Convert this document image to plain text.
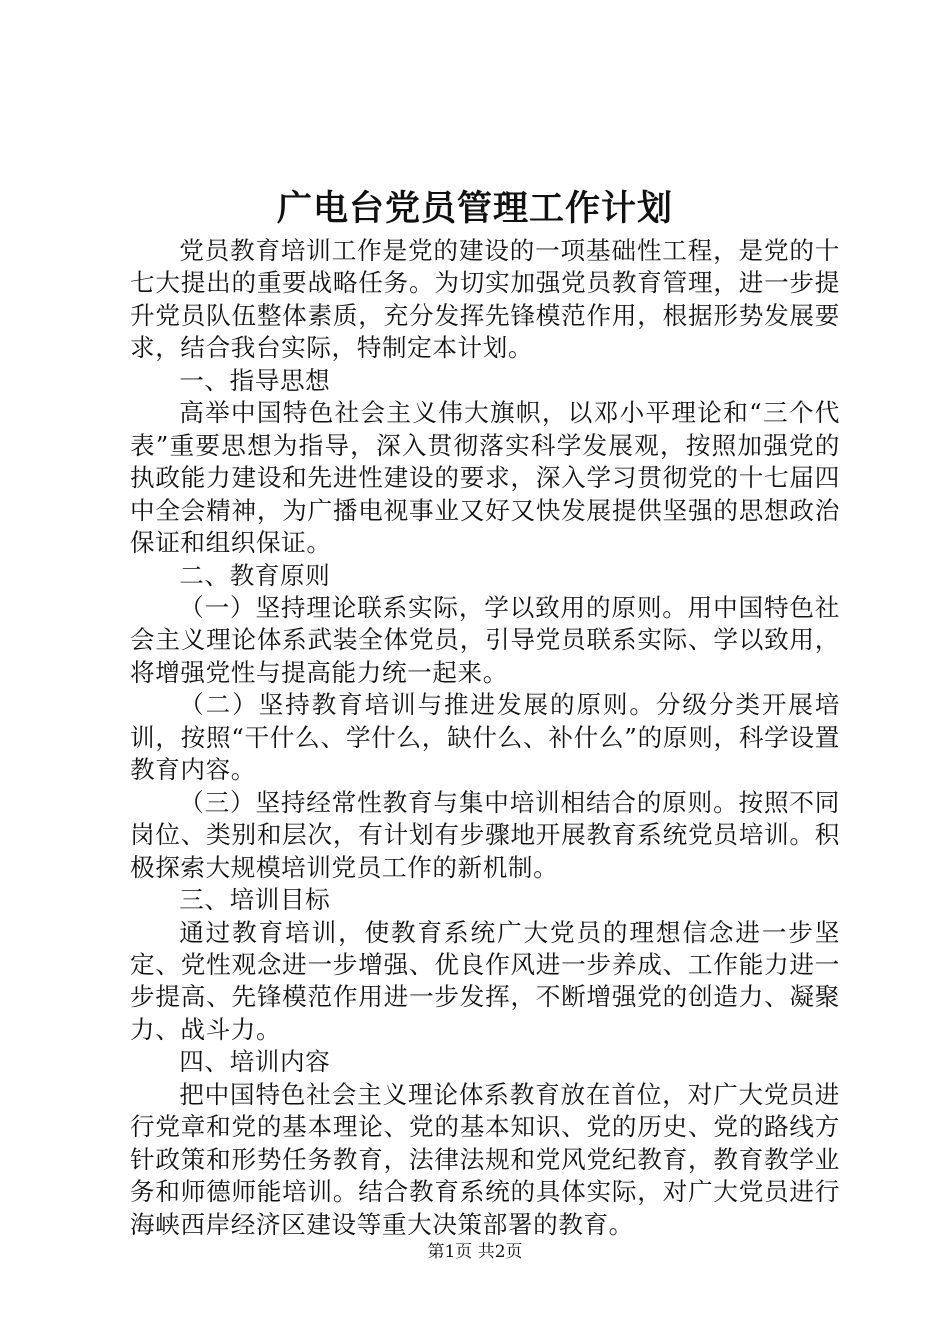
广电台党员管理工作计划

党员教育培训工作是党的建设的一项基础性工程，是党的十七大提出的重要战略任务。为切实加强党员教育管理，进一步提升党员队伍整体素质，充分发挥先锋模范作用，根据形势发展要求，结合我台实际，特制定本计划。

一、指导思想

高举中国特色社会主义伟大旗帜，以邓小平理论和“三个代表”重要思想为指导，深入贯彻落实科学发展观，按照加强党的执政能力建设和先进性建设的要求，深入学习贯彻党的十七届四中全会精神，为广播电视事业又好又快发展提供坚强的思想政治保证和组织保证。

二、教育原则

（一）坚持理论联系实际，学以致用的原则。用中国特色社会主义理论体系武装全体党员，引导党员联系实际、学以致用，将增强党性与提高能力统一起来。

（二）坚持教育培训与推进发展的原则。分级分类开展培训，按照“干什么、学什么，缺什么、补什么”的原则，科学设置教育内容。

（三）坚持经常性教育与集中培训相结合的原则。按照不同岗位、类别和层次，有计划有步骤地开展教育系统党员培训。积极探索大规模培训党员工作的新机制。

三、培训目标

通过教育培训，使教育系统广大党员的理想信念进一步坚定、党性观念进一步增强、优良作风进一步养成、工作能力进一步提高、先锋模范作用进一步发挥，不断增强党的创造力、凝聚力、战斗力。

四、培训内容

把中国特色社会主义理论体系教育放在首位，对广大党员进行党章和党的基本理论、党的基本知识、党的历史、党的路线方针政策和形势任务教育，法律法规和党风党纪教育，教育教学业务和师德师能培训。结合教育系统的具体实际，对广大党员进行海峡西岸经济区建设等重大决策部署的教育。

第1页 共2页
